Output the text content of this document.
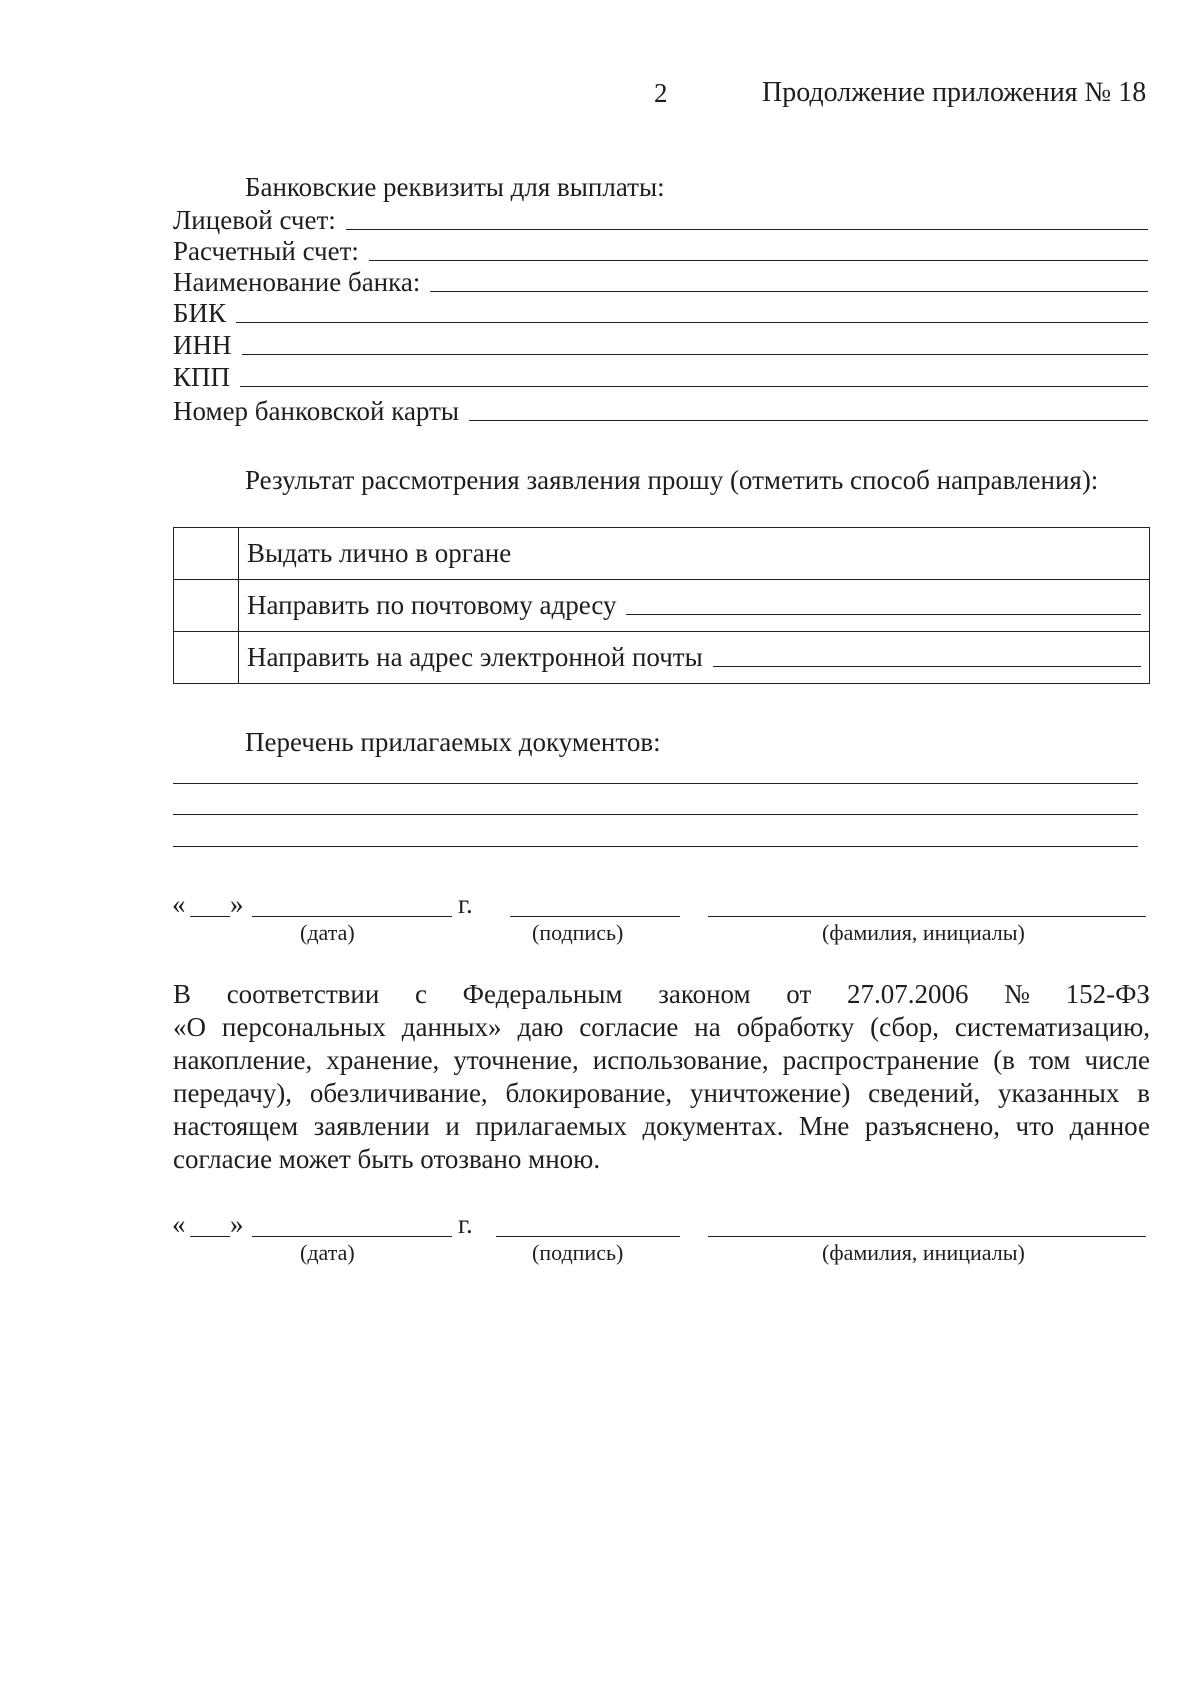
2	Продолжение приложения № 18
Банковские реквизиты для выплаты:
Лицевой счет:
Расчетный счет:
Наименование банка:
БИК
ИНН
КПП
Номер банковской карты
Результат рассмотрения заявления прошу (отметить способ направления):
	Выдать лично в органе

	Направить по почтовому адресу

	Направить на адрес электронной почты
Перечень прилагаемых документов:
« »	г.
(дата)	(подпись)	(фамилия, инициалы)
В соответствии с Федеральным законом от 27.07.2006 № 152-ФЗ
«О персональных данных» даю согласие на обработку (сбор, систематизацию, накопление, хранение, уточнение, использование, распространение (в том числе передачу), обезличивание, блокирование, уничтожение) сведений, указанных в настоящем заявлении и прилагаемых документах. Мне разъяснено, что данное согласие может быть отозвано мною.
« »	г.
(дата)	(подпись)	(фамилия, инициалы)
